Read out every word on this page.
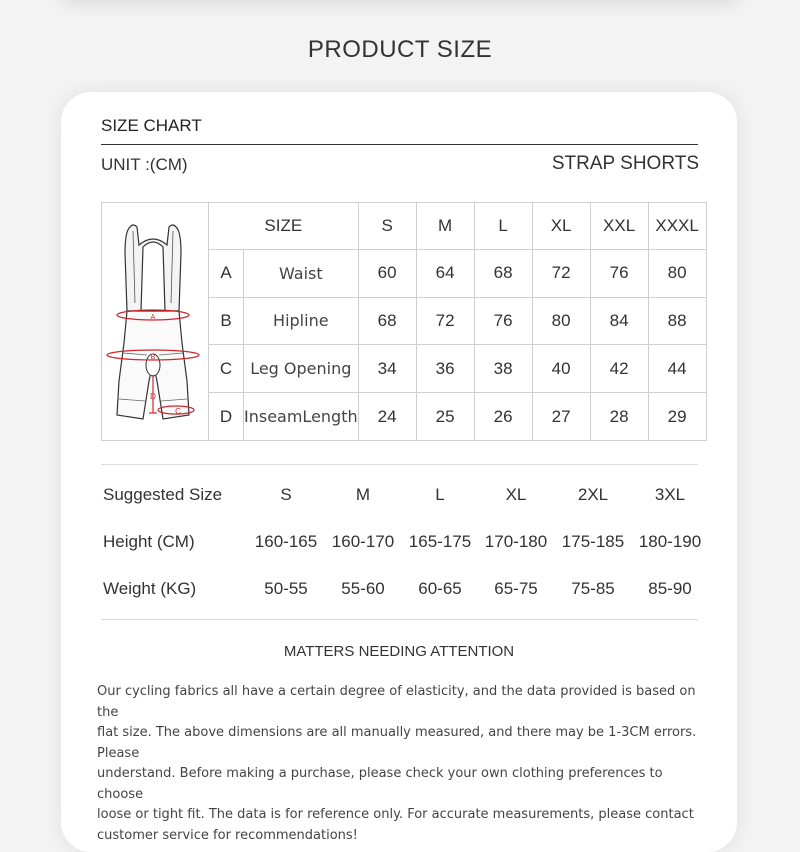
PRODUCT SIZE
SIZE CHART
UNIT :(CM)	STRAP SHORTS
A
B
D
C	SIZE		S	M	L	XL	XXL	XXXL
	A	Waist	60	64	68	72	76	80
	B	Hipline	68	72	76	80	84	88
	C	Leg Opening	34	36	38	40	42	44
	D	InseamLength	24	25	26	27	28	29
Suggested Size	S	M	L	XL	2XL	3XL
Height (CM)	160-165 160-170 165-175 170-180 175-185 180-190
Weight (KG)	50-55	55-60	60-65	65-75	75-85	85-90
MATTERS NEEDING ATTENTION
Our cycling fabrics all have a certain degree of elasticity, and the data provided is based on the
flat size. The above dimensions are all manually measured, and there may be 1-3CM errors. Please
understand. Before making a purchase, please check your own clothing preferences to choose
loose or tight fit. The data is for reference only. For accurate measurements, please contact
customer service for recommendations!
